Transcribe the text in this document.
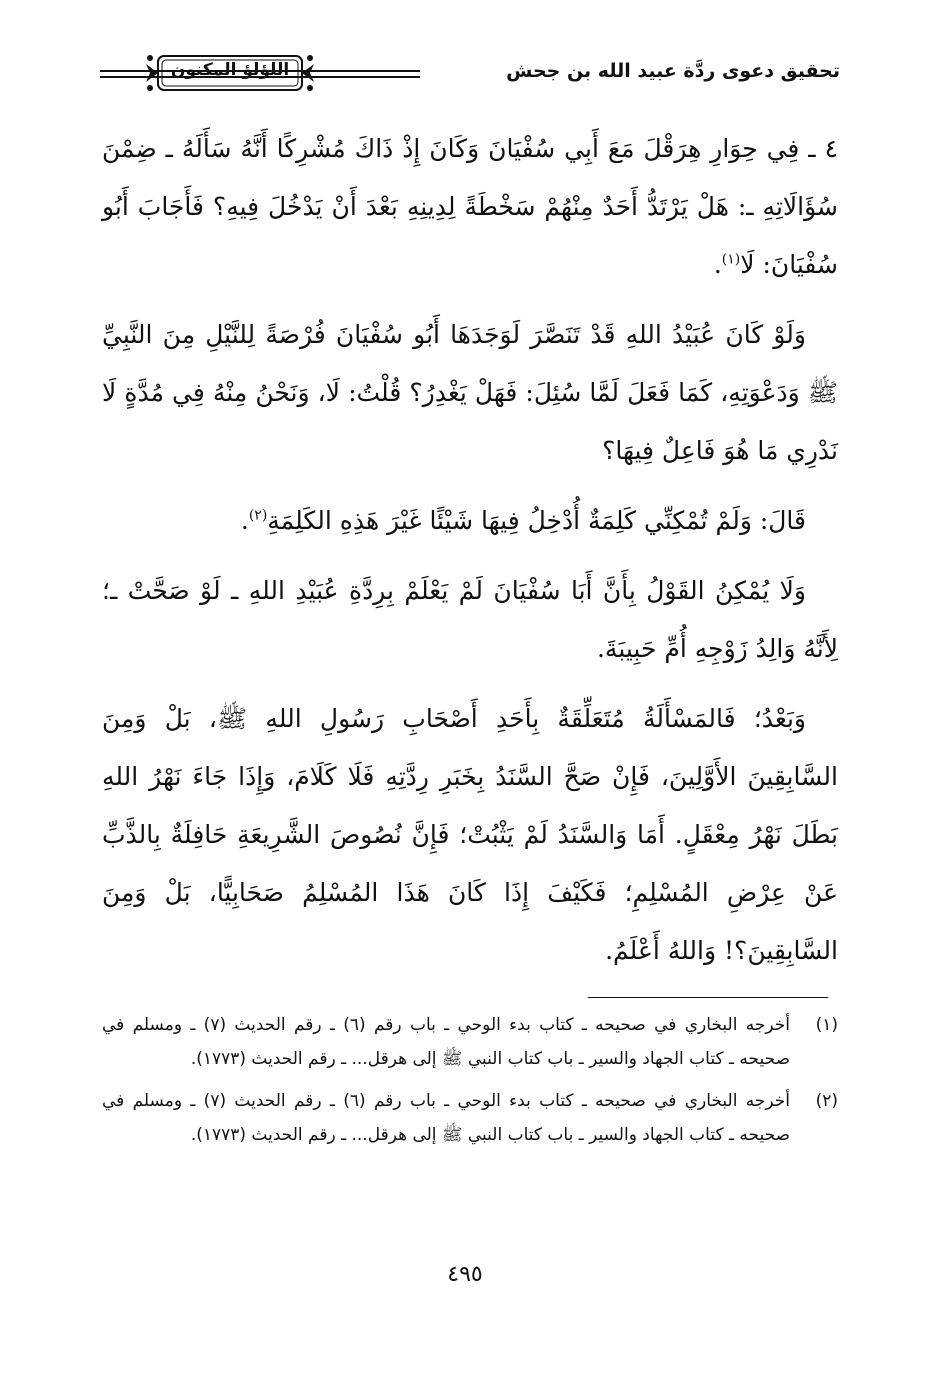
تحقيق دعوى ردَّة عبيد الله بن جحش
اللؤلؤ المكنون

٤ ـ فِي حِوَارِ هِرَقْلَ مَعَ أَبِي سُفْيَانَ وَكَانَ إِذْ ذَاكَ مُشْرِكًا أَنَّهُ سَأَلَهُ ـ ضِمْنَ سُؤَالَاتِهِ ـ: هَلْ يَرْتَدُّ أَحَدٌ مِنْهُمْ سَخْطَةً لِدِينِهِ بَعْدَ أَنْ يَدْخُلَ فِيهِ؟ فَأَجَابَ أَبُو سُفْيَانَ: لَا$^{(١)}$.

وَلَوْ كَانَ عُبَيْدُ اللهِ قَدْ تَنَصَّرَ لَوَجَدَهَا أَبُو سُفْيَانَ فُرْصَةً لِلنَّيْلِ مِنَ النَّبِيِّ ﷺ وَدَعْوَتِهِ، كَمَا فَعَلَ لَمَّا سُئِلَ: فَهَلْ يَغْدِرُ؟ قُلْتُ: لَا، وَنَحْنُ مِنْهُ فِي مُدَّةٍ لَا نَدْرِي مَا هُوَ فَاعِلٌ فِيهَا؟

قَالَ: وَلَمْ تُمْكِنِّي كَلِمَةٌ أُدْخِلُ فِيهَا شَيْئًا غَيْرَ هَذِهِ الكَلِمَةِ$^{(٢)}$.

وَلَا يُمْكِنُ القَوْلُ بِأَنَّ أَبَا سُفْيَانَ لَمْ يَعْلَمْ بِرِدَّةِ عُبَيْدِ اللهِ ـ لَوْ صَحَّتْ ـ؛ لِأَنَّهُ وَالِدُ زَوْجِهِ أُمِّ حَبِيبَةَ.

وَبَعْدُ؛ فَالمَسْأَلَةُ مُتَعَلِّقَةٌ بِأَحَدِ أَصْحَابِ رَسُولِ اللهِ ﷺ، بَلْ وَمِنَ السَّابِقِينَ الأَوَّلِينَ، فَإِنْ صَحَّ السَّنَدُ بِخَبَرِ رِدَّتِهِ فَلَا كَلَامَ، وَإِذَا جَاءَ نَهْرُ اللهِ بَطَلَ نَهْرُ مِعْقَلٍ. أَمَا وَالسَّنَدُ لَمْ يَثْبُتْ؛ فَإِنَّ نُصُوصَ الشَّرِيعَةِ حَافِلَةٌ بِالذَّبِّ عَنْ عِرْضِ المُسْلِمِ؛ فَكَيْفَ إِذَا كَانَ هَذَا المُسْلِمُ صَحَابِيًّا، بَلْ وَمِنَ السَّابِقِينَ؟! وَاللهُ أَعْلَمُ.

(١)
أخرجه البخاري في صحيحه ـ كتاب بدء الوحي ـ باب رقم (٦) ـ رقم الحديث (٧) ـ ومسلم في صحيحه ـ كتاب الجهاد والسير ـ باب كتاب النبي ﷺ إلى هرقل... ـ رقم الحديث (١٧٧٣).
(٢)
أخرجه البخاري في صحيحه ـ كتاب بدء الوحي ـ باب رقم (٦) ـ رقم الحديث (٧) ـ ومسلم في صحيحه ـ كتاب الجهاد والسير ـ باب كتاب النبي ﷺ إلى هرقل... ـ رقم الحديث (١٧٧٣).
٤٩٥
